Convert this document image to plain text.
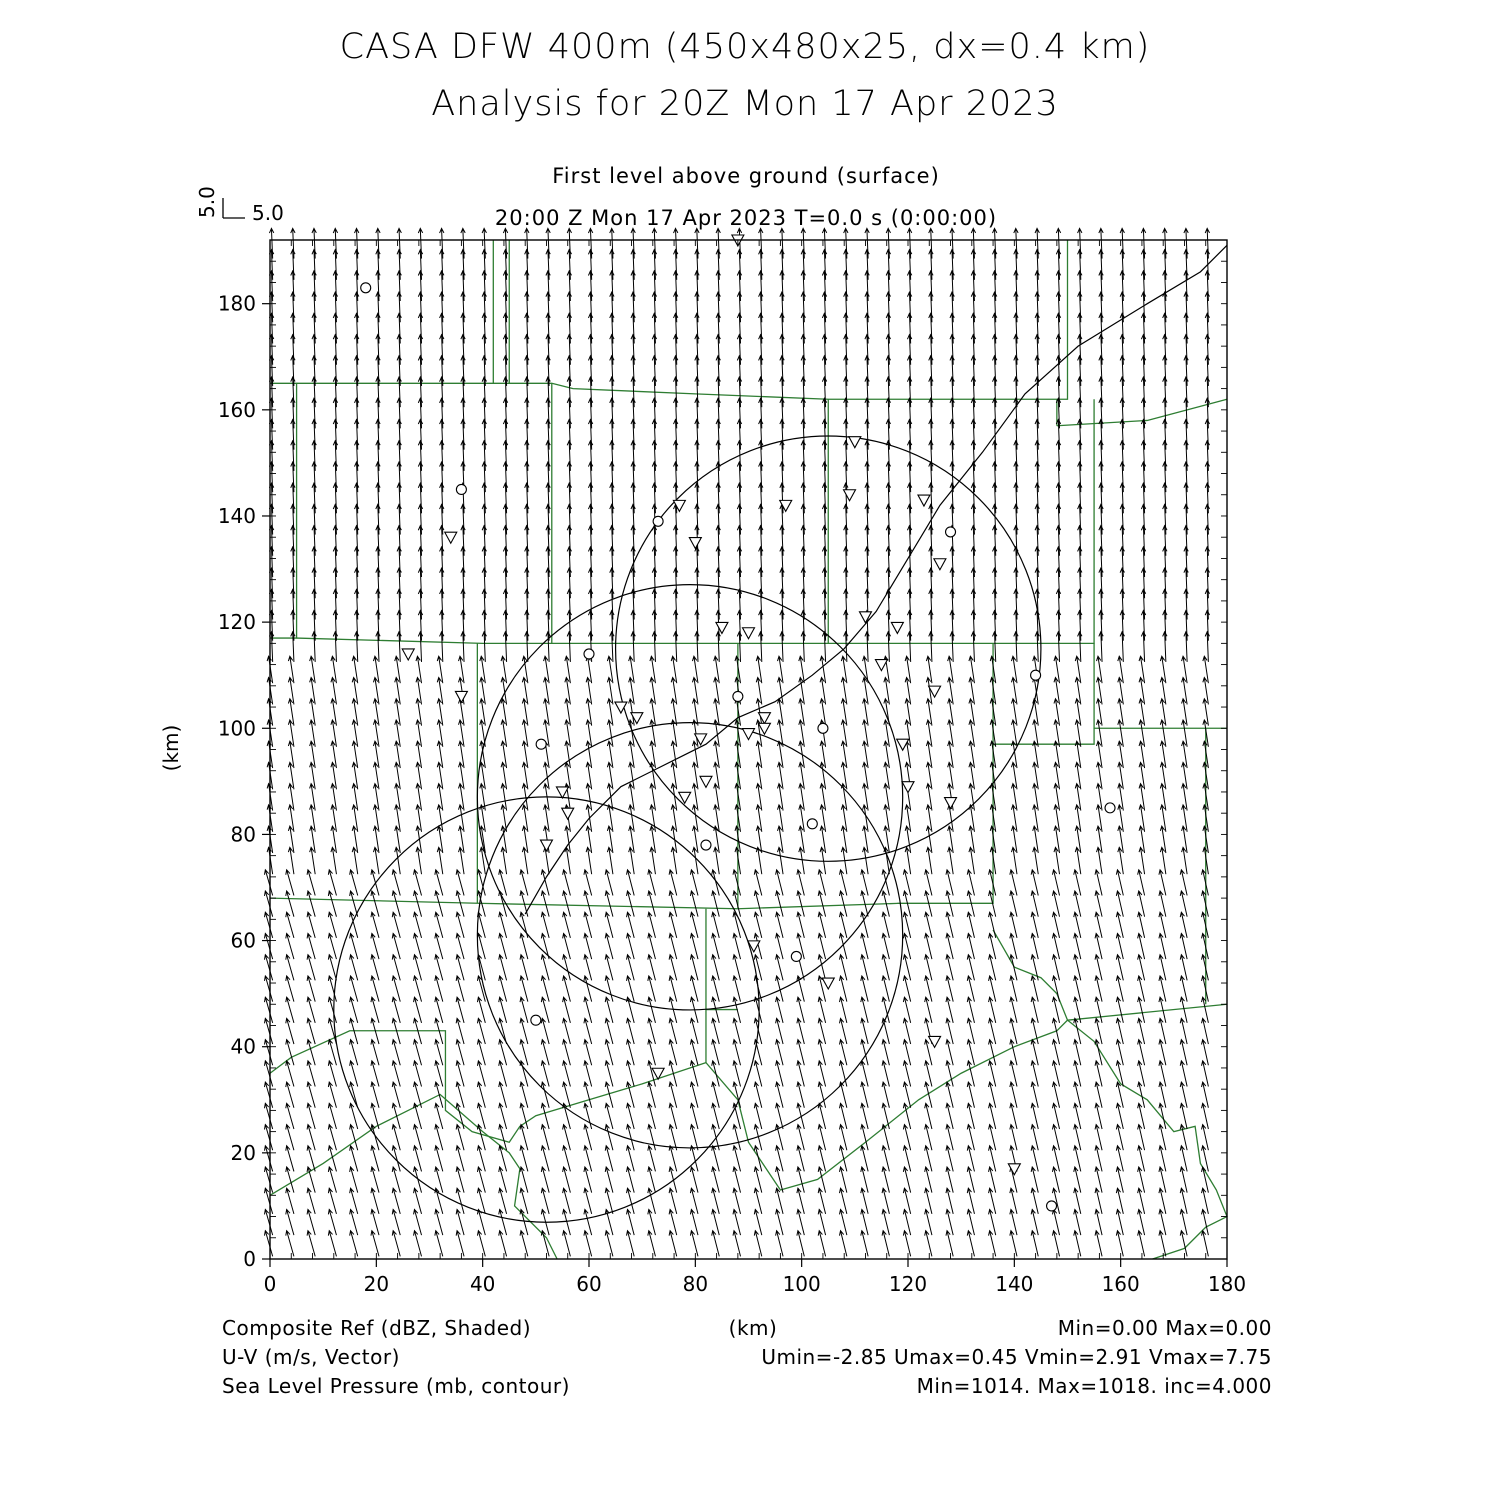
CASA DFW 400m (450x480x25, dx=0.4 km)
Analysis for 20Z Mon 17 Apr 2023
First level above ground (surface)
20:00 Z Mon 17 Apr 2023 T=0.0 s (0:00:00)
5.0 5.0
0	20	40	60	80	100	120	140	160	180
0
20
40
60
80
100
120
140
160
180
(km)
Composite Ref (dBZ, Shaded)
U-V (m/s, Vector)
Sea Level Pressure (mb, contour)
(km)	Min=0.00 Max=0.00
Umin=-2.85 Umax=0.45 Vmin=2.91 Vmax=7.75
Min=1014. Max=1018. inc=4.000
